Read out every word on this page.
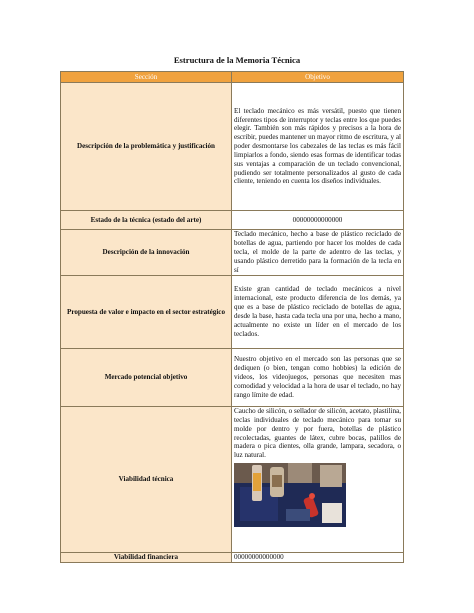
Estructura de la Memoria Técnica
Sección	Objetivo
Descripción de la problemática y justificación	El teclado mecánico es más versátil, puesto que tienen diferentes tipos de interruptor y teclas entre los que puedes elegir. También son más rápidos y precisos a la hora de escribir, puedes mantener un mayor ritmo de escritura, y al poder desmontarse los cabezales de las teclas es más fácil limpiarlos a fondo, siendo esas formas de identificar todas sus ventajas a comparación de un teclado convencional, pudiendo ser totalmente personalizados al gusto de cada cliente, teniendo en cuenta los diseños individuales.
Estado de la técnica (estado del arte)	00000000000000
Descripción de la innovación	Teclado mecánico, hecho a base de plástico reciclado de botellas de agua, partiendo por hacer los moldes de cada tecla, el molde de la parte de adentro de las teclas, y usando plástico derretido para la formación de la tecla en sí
Propuesta de valor e impacto en el sector estratégico	Existe gran cantidad de teclado mecánicos a nivel internacional, este producto diferencia de los demás, ya que es a base de plástico reciclado de botellas de agua, desde la base, hasta cada tecla una por una, hecho a mano, actualmente no existe un líder en el mercado de los teclados.
Mercado potencial objetivo	Nuestro objetivo en el mercado son las personas que se dediquen (o bien, tengan como hobbies) la edición de videos, los videojuegos, personas que necesiten mas comodidad y velocidad a la hora de usar el teclado, no hay rango límite de edad.
Viabilidad técnica	Caucho de silicón, o sellador de silicón, acetato, plastilina, teclas individuales de teclado mecánico para tomar su molde por dentro y por fuera, botellas de plástico recolectadas, guantes de látex, cubre bocas, palillos de madera o pica dientes, olla grande, lampara, secadora, o luz natural.

Viabilidad financiera	00000000000000
